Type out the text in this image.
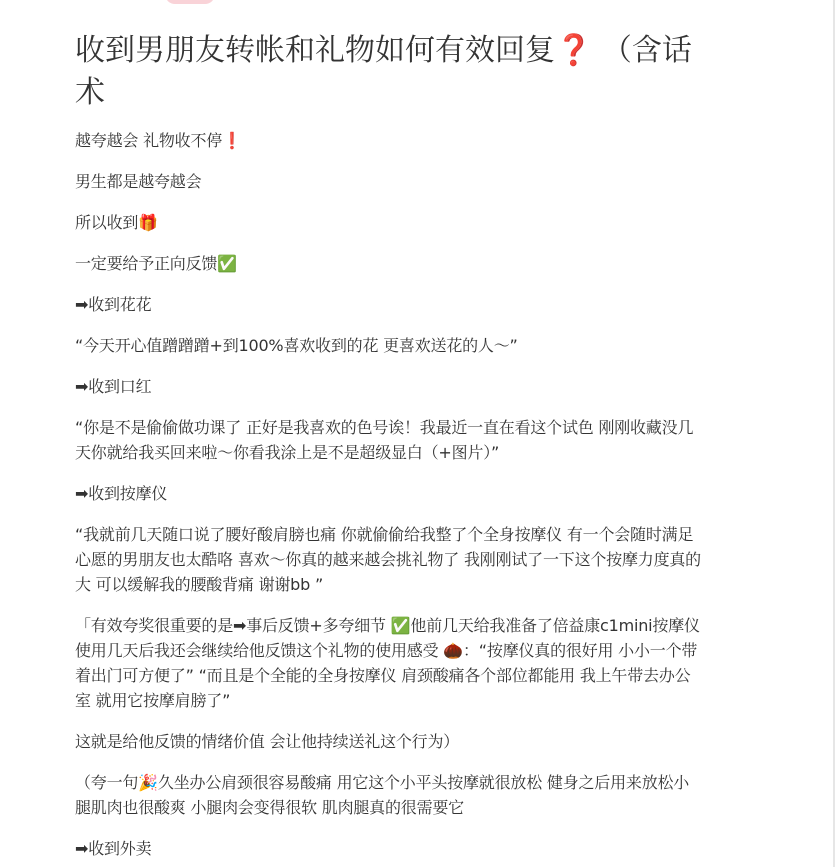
收到男朋友转帐和礼物如何有效回复❓ （含话术

越夸越会 礼物收不停❗

男生都是越夸越会

所以收到🎁

一定要给予正向反馈✅

➡收到花花

“今天开心值蹭蹭蹭+到100%喜欢收到的花 更喜欢送花的人～”

➡收到口红

“你是不是偷偷做功课了 正好是我喜欢的色号诶！我最近一直在看这个试色 刚刚收藏没几天你就给我买回来啦～你看我涂上是不是超级显白（+图片）”

➡收到按摩仪

“我就前几天随口说了腰好酸肩膀也痛 你就偷偷给我整了个全身按摩仪 有一个会随时满足心愿的男朋友也太酷咯 喜欢～你真的越来越会挑礼物了 我刚刚试了一下这个按摩力度真的大 可以缓解我的腰酸背痛 谢谢bb ”

「有效夸奖很重要的是➡事后反馈+多夸细节 ✅他前几天给我准备了倍益康c1mini按摩仪 使用几天后我还会继续给他反馈这个礼物的使用感受 🌰：“按摩仪真的很好用 小小一个带着出门可方便了” “而且是个全能的全身按摩仪 肩颈酸痛各个部位都能用 我上午带去办公室 就用它按摩肩膀了”

这就是给他反馈的情绪价值 会让他持续送礼这个行为）

（夸一句🎉久坐办公肩颈很容易酸痛 用它这个小平头按摩就很放松 健身之后用来放松小腿肌肉也很酸爽 小腿肉会变得很软 肌肉腿真的很需要它

➡收到外卖
